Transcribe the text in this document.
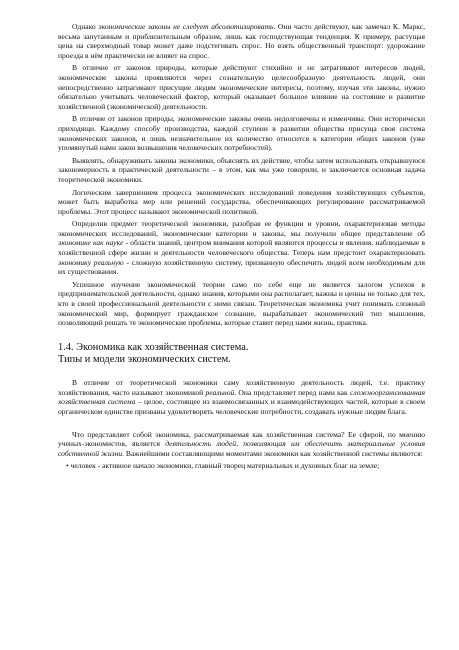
Однако экономические законы не следует абсолютизировать. Они часто действуют, как замечал К. Маркс, весьма запутанным и приблизительным образом, лишь как господствующая тенденция. К примеру, растущая цена на сверхмодный товар может даже подстегивать спрос. Но взять общественный транспорт: удорожание проезда в нём практически не влияет на спрос.

В отличие от законов природы, которые действуют стихийно и не затрагивают интересов людей, экономические законы проявляются через сознательную целесообразную деятельность людей, они непосредственно затрагивают присущие людям экономические интересы, поэтому, изучая эти законы, нужно обязательно учитывать человеческий фактор, который оказывает большое влияние на состояние и развитие хозяйственной (экономической) деятельности.

В отличие от законов природы, экономические законы очень недолговечны и изменчивы. Они исторически приходящи. Каждому способу производства, каждой ступени в развитии общества присуща своя система экономических законов, и лишь незначительное их количество относится к категории общих законов (уже упомянутый нами закон возвышения человеческих потребностей).

Выявлять, обнаруживать законы экономики, объяснять их действие, чтобы затем использовать открывшуюся закономерность в практической деятельности – в этом, как мы уже говорили, и заключается основная задача теоретической экономики.

Логическим завершением процесса экономических исследований поведения хозяйствующих субъектов, может быть выработка мер или решений государства, обеспечивающих регулирование рассматриваемой проблемы. Этот процесс называют экономической политикой.

Определив предмет теоретической экономики, разобрав ее функции и уровни, охарактеризовав методы экономических исследований, экономические категории и законы, мы получили общее представление об экономике как науке - области знаний, центром внимания которой являются процессы и явления, наблюдаемые в хозяйственной сфере жизни и деятельности человеческого общества. Теперь нам предстоит охарактеризовать экономику реальную - сложную хозяйственную систему, призванную обеспечить людей всем необходимым для их существования.

Успешное изучение экономической теории само по себе еще не является залогом успехов в предпринимательской деятельности, однако знания, которыми она располагает, важны и ценны не только для тех, кто в своей профессиональной деятельности с ними связан. Теоретическая экономика учит понимать сложный экономический мир, формирует гражданское сознание, вырабатывает экономический тип мышления, позволяющий решать те экономические проблемы, которые ставит перед нами жизнь, практика.

1.4. Экономика как хозяйственная система.
Типы и модели экономических систем.

В отличие от теоретической экономики саму хозяйственную деятельность людей, т.е. практику хозяйствования, часто называют экономикой реальной. Она представляет перед нами как сложноорганизованная хозяйственная система – целое, состоящее из взаимосвязанных и взаимодействующих частей, которые в своем органическом единстве призваны удовлетворять человеческие потребности, создавать нужные людям блага.

Что представляет собой экономика, рассматриваемая как хозяйственная система? Ее сферой, по мнению ученых-экономистов, является деятельность людей, позволяющая им обеспечить материальные условия собственной жизни. Важнейшими составляющими моментами экономики как хозяйственной системы являются:

• человек - активное начало экономики, главный творец материальных и духовных благ на земле;
